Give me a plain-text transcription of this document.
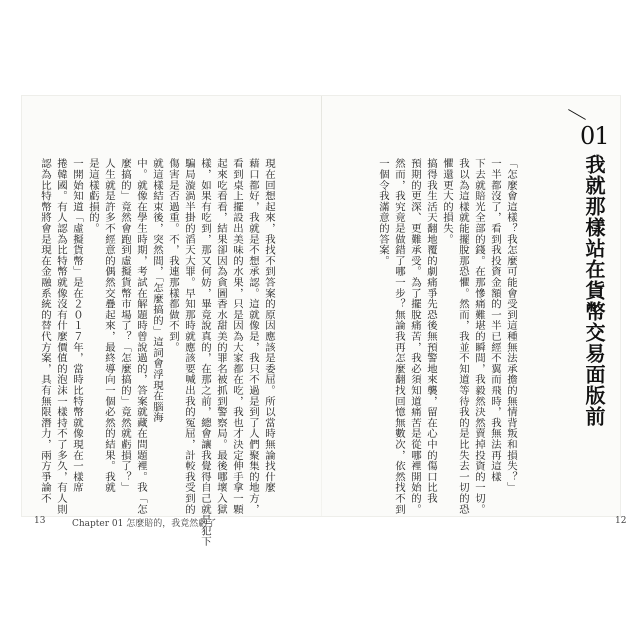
現在回想起來，我找不到答案的原因應該是委屈。所以當時無論找什麼
藉口都好，我就是不想承認。這就像是，我只不過是到了人們聚集的地方，
看到桌上擺設出美味的水果，只是因為大家都在吃，我也才決定伸手拿一顆
起來吃看看，結果卻因為貪圖香水甜美的罪名被抓到警察局。最後哪壞入獄
樣，如果有吃到，那又何妨，畢竟說真的，在那之前，總會讓我覺得自己就是犯下
騙局漩渦半掛的滔天大罪。早知那時就應該要喊出我的冤屈，計較我受到的
傷害是否過重。不，我連那樣都做不到。
就這樣結束後，突然間，「怎麼搞的」這詞會浮現在腦海
中。就像在學生時期，考試在解題時曾說過的，答案就藏在問題裡。我「怎
麼搞的」竟然會跑到虛擬貨幣市場了？「怎麼搞的」竟然就虧損了？」
人生就是許多不經意的偶然交疊起來，最終導向一個必然的結果。我就
是這樣虧損的。
一開始知道「虛擬貨幣」是在２０１７年，當時比特幣就像現在一樣席
捲韓國。有人認為比特幣就像沒有什麼價值的泡沫一樣持不了多久，有人則
認為比特幣將會是現在金融系統的替代方案，具有無限潛力，兩方爭論不	「怎麼會這樣？我怎麼可能會受到這種無法承擔的無情背叛和損失？」
一半都沒了，看到我投資金額的一半已經不翼而飛時，我無法再這樣
下去就賠光全部的錢。在那慘痛難堪的瞬間，我毅然決然賣掉投資的一切。
我以為這樣就能擺脫那恐懼。然而，我並不知道等待我的是比失去一切的恐
懼還更大的損失。
搞得我生活天翻地覆的劇痛爭先恐後無預警地來襲，留在心中的傷口比我
預期的更深、更難承受。為了擺脫痛苦，我必須知道痛苦是從哪裡開始的。
然而，我究竟是做錯了哪一步？無論我再怎麼翻找回憶無數次，依然找不到
一個令我滿意的答案。
01
我就那樣站在貨幣交易面版前
13	Chapter 01 怎麼賠的，我竟然虧了	12
